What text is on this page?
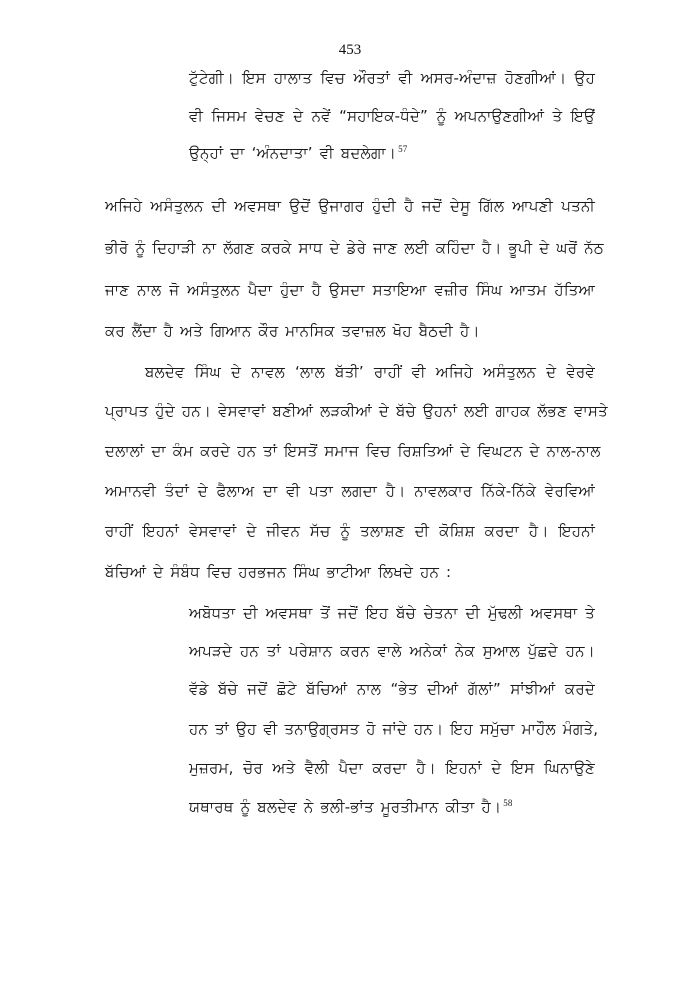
453
ਟੁੱਟੇਗੀ। ਇਸ ਹਾਲਾਤ ਵਿਚ ਔਰਤਾਂ ਵੀ ਅਸਰ-ਅੰਦਾਜ਼ ਹੋਣਗੀਆਂ। ਉਹ
ਵੀ ਜਿਸਮ ਵੇਚਣ ਦੇ ਨਵੇਂ “ਸਹਾਇਕ-ਧੰਦੇ” ਨੂੰ ਅਪਨਾਉਣਗੀਆਂ ਤੇ ਇਉਂ
ਉਨ੍ਹਾਂ ਦਾ ‘ਅੰਨਦਾਤਾ’ ਵੀ ਬਦਲੇਗਾ। $^{57}$
ਅਜਿਹੇ ਅਸੰਤੁਲਨ ਦੀ ਅਵਸਥਾ ਉਦੋਂ ਉਜਾਗਰ ਹੁੰਦੀ ਹੈ ਜਦੋਂ ਦੇਸੂ ਗਿੱਲ ਆਪਣੀ ਪਤਨੀ
ਭੀਰੋ ਨੂੰ ਦਿਹਾੜੀ ਨਾ ਲੱਗਣ ਕਰਕੇ ਸਾਧ ਦੇ ਡੇਰੇ ਜਾਣ ਲਈ ਕਹਿੰਦਾ ਹੈ। ਭੂਪੀ ਦੇ ਘਰੋਂ ਨੱਠ
ਜਾਣ ਨਾਲ ਜੋ ਅਸੰਤੁਲਨ ਪੈਦਾ ਹੁੰਦਾ ਹੈ ਉਸਦਾ ਸਤਾਇਆ ਵਜ਼ੀਰ ਸਿੰਘ ਆਤਮ ਹੱਤਿਆ
ਕਰ ਲੈਂਦਾ ਹੈ ਅਤੇ ਗਿਆਨ ਕੌਰ ਮਾਨਸਿਕ ਤਵਾਜ਼ਲ ਖੋਹ ਬੈਠਦੀ ਹੈ।
ਬਲਦੇਵ ਸਿੰਘ ਦੇ ਨਾਵਲ ‘ਲਾਲ ਬੱਤੀ’ ਰਾਹੀਂ ਵੀ ਅਜਿਹੇ ਅਸੰਤੁਲਨ ਦੇ ਵੇਰਵੇ
ਪ੍ਰਾਪਤ ਹੁੰਦੇ ਹਨ। ਵੇਸਵਾਵਾਂ ਬਣੀਆਂ ਲੜਕੀਆਂ ਦੇ ਬੱਚੇ ਉਹਨਾਂ ਲਈ ਗਾਹਕ ਲੱਭਣ ਵਾਸਤੇ
ਦਲਾਲਾਂ ਦਾ ਕੰਮ ਕਰਦੇ ਹਨ ਤਾਂ ਇਸਤੋਂ ਸਮਾਜ ਵਿਚ ਰਿਸ਼ਤਿਆਂ ਦੇ ਵਿਘਟਨ ਦੇ ਨਾਲ-ਨਾਲ
ਅਮਾਨਵੀ ਤੰਦਾਂ ਦੇ ਫੈਲਾਅ ਦਾ ਵੀ ਪਤਾ ਲਗਦਾ ਹੈ। ਨਾਵਲਕਾਰ ਨਿੱਕੇ-ਨਿੱਕੇ ਵੇਰਵਿਆਂ
ਰਾਹੀਂ ਇਹਨਾਂ ਵੇਸਵਾਵਾਂ ਦੇ ਜੀਵਨ ਸੱਚ ਨੂੰ ਤਲਾਸ਼ਣ ਦੀ ਕੋਸ਼ਿਸ਼ ਕਰਦਾ ਹੈ। ਇਹਨਾਂ
ਬੱਚਿਆਂ ਦੇ ਸੰਬੰਧ ਵਿਚ ਹਰਭਜਨ ਸਿੰਘ ਭਾਟੀਆ ਲਿਖਦੇ ਹਨ :
ਅਬੋਧਤਾ ਦੀ ਅਵਸਥਾ ਤੋਂ ਜਦੋਂ ਇਹ ਬੱਚੇ ਚੇਤਨਾ ਦੀ ਮੁੱਢਲੀ ਅਵਸਥਾ ਤੇ
ਅਪੜਦੇ ਹਨ ਤਾਂ ਪਰੇਸ਼ਾਨ ਕਰਨ ਵਾਲੇ ਅਨੇਕਾਂ ਨੇਕ ਸੁਆਲ ਪੁੱਛਦੇ ਹਨ।
ਵੱਡੇ ਬੱਚੇ ਜਦੋਂ ਛੋਟੇ ਬੱਚਿਆਂ ਨਾਲ “ਭੇਤ ਦੀਆਂ ਗੱਲਾਂ” ਸਾਂਝੀਆਂ ਕਰਦੇ
ਹਨ ਤਾਂ ਉਹ ਵੀ ਤਨਾਉਗ੍ਰਸਤ ਹੋ ਜਾਂਦੇ ਹਨ। ਇਹ ਸਮੁੱਚਾ ਮਾਹੌਲ ਮੰਗਤੇ,
ਮੁਜ਼ਰਮ, ਚੋਰ ਅਤੇ ਵੈਲੀ ਪੈਦਾ ਕਰਦਾ ਹੈ। ਇਹਨਾਂ ਦੇ ਇਸ ਘਿਨਾਉਣੇ
ਯਥਾਰਥ ਨੂੰ ਬਲਦੇਵ ਨੇ ਭਲੀ-ਭਾਂਤ ਮੂਰਤੀਮਾਨ ਕੀਤਾ ਹੈ। $^{58}$
